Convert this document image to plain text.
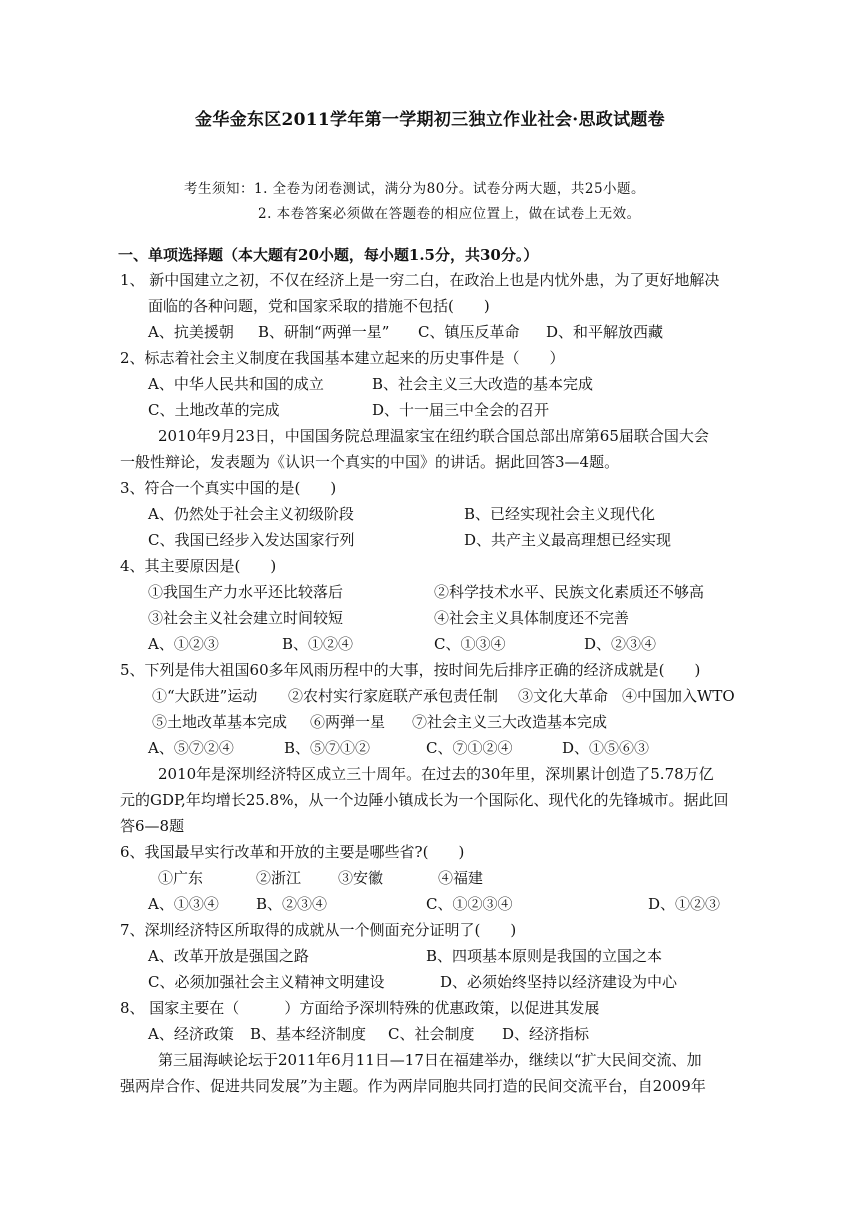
金华金东区2011学年第一学期初三独立作业社会·思政试题卷
考生须知：1. 全卷为闭卷测试，满分为80分。试卷分两大题，共25小题。
2. 本卷答案必须做在答题卷的相应位置上，做在试卷上无效。
一、单项选择题（本大题有20小题，每小题1.5分，共30分。）
1、 新中国建立之初，不仅在经济上是一穷二白，在政治上也是内忧外患，为了更好地解决
面临的各种问题，党和国家采取的措施不包括(　　)
A、抗美援朝 B、研制“两弹一星” C、镇压反革命 D、和平解放西藏
2、标志着社会主义制度在我国基本建立起来的历史事件是（　　）
A、中华人民共和国的成立	B、社会主义三大改造的基本完成
C、土地改革的完成	D、十一届三中全会的召开
2010年9月23日，中国国务院总理温家宝在纽约联合国总部出席第65届联合国大会
一般性辩论，发表题为《认识一个真实的中国》的讲话。据此回答3—4题。
3、符合一个真实中国的是(　　)
A、仍然处于社会主义初级阶段	B、已经实现社会主义现代化
C、我国已经步入发达国家行列	D、共产主义最高理想已经实现
4、其主要原因是(　　)
①我国生产力水平还比较落后	②科学技术水平、民族文化素质还不够高
③社会主义社会建立时间较短	④社会主义具体制度还不完善
A、①②③	B、①②④	C、①③④	D、②③④
5、下列是伟大祖国60多年风雨历程中的大事，按时间先后排序正确的经济成就是(　　)
①“大跃进”运动 ②农村实行家庭联产承包责任制 ③文化大革命 ④中国加入WTO
⑤土地改革基本完成 ⑥两弹一星 ⑦社会主义三大改造基本完成
A、⑤⑦②④	B、⑤⑦①②	C、⑦①②④	D、①⑤⑥③
2010年是深圳经济特区成立三十周年。在过去的30年里，深圳累计创造了5.78万亿
元的GDP,年均增长25.8%，从一个边陲小镇成长为一个国际化、现代化的先锋城市。据此回
答6—8题
6、我国最早实行改革和开放的主要是哪些省?(　　)
①广东	②浙江 ③安徽	④福建
A、①③④ B、②③④	C、①②③④	D、①②③
7、深圳经济特区所取得的成就从一个侧面充分证明了(　　)
A、改革开放是强国之路	B、四项基本原则是我国的立国之本
C、必须加强社会主义精神文明建设	D、必须始终坚持以经济建设为中心
8、 国家主要在（　　　）方面给予深圳特殊的优惠政策，以促进其发展
A、经济政策 B、基本经济制度 C、社会制度 D、经济指标
第三届海峡论坛于2011年6月11日—17日在福建举办，继续以“扩大民间交流、加
强两岸合作、促进共同发展”为主题。作为两岸同胞共同打造的民间交流平台，自2009年
